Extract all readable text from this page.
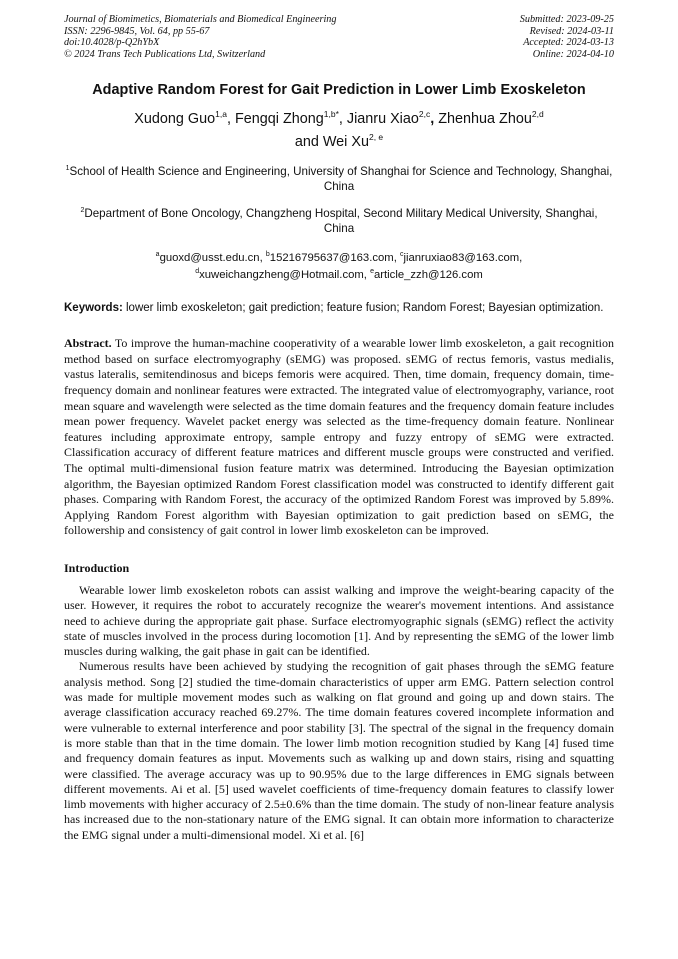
Journal of Biomimetics, Biomaterials and Biomedical Engineering
ISSN: 2296-9845, Vol. 64, pp 55-67
doi:10.4028/p-Q2hYbX
© 2024 Trans Tech Publications Ltd, Switzerland
Submitted: 2023-09-25
Revised: 2024-03-11
Accepted: 2024-03-13
Online: 2024-04-10
Adaptive Random Forest for Gait Prediction in Lower Limb Exoskeleton
Xudong Guo$^{1,a}$, Fengqi Zhong$^{1,b*}$, Jianru Xiao$^{2,c}$, Zhenhua Zhou$^{2,d}$
and Wei Xu$^{2, e}$
$^1$School of Health Science and Engineering, University of Shanghai for Science and Technology, Shanghai, China
$^2$Department of Bone Oncology, Changzheng Hospital, Second Military Medical University, Shanghai, China
$^a$guoxd@usst.edu.cn, $^b$15216795637@163.com, $^c$jianruxiao83@163.com,
$^d$xuweichangzheng@Hotmail.com, $^e$article_zzh@126.com
Keywords: lower limb exoskeleton; gait prediction; feature fusion; Random Forest; Bayesian optimization.
Abstract. To improve the human-machine cooperativity of a wearable lower limb exoskeleton, a gait recognition method based on surface electromyography (sEMG) was proposed. sEMG of rectus femoris, vastus medialis, vastus lateralis, semitendinosus and biceps femoris were acquired. Then, time domain, frequency domain, time-frequency domain and nonlinear features were extracted. The integrated value of electromyography, variance, root mean square and wavelength were selected as the time domain features and the frequency domain feature includes mean power frequency. Wavelet packet energy was selected as the time-frequency domain feature. Nonlinear features including approximate entropy, sample entropy and fuzzy entropy of sEMG were extracted. Classification accuracy of different feature matrices and different muscle groups were constructed and verified. The optimal multi-dimensional fusion feature matrix was determined. Introducing the Bayesian optimization algorithm, the Bayesian optimized Random Forest classification model was constructed to identify different gait phases. Comparing with Random Forest, the accuracy of the optimized Random Forest was improved by 5.89%. Applying Random Forest algorithm with Bayesian optimization to gait prediction based on sEMG, the followership and consistency of gait control in lower limb exoskeleton can be improved.
Introduction
Wearable lower limb exoskeleton robots can assist walking and improve the weight-bearing capacity of the user. However, it requires the robot to accurately recognize the wearer's movement intentions. And assistance need to achieve during the appropriate gait phase. Surface electromyographic signals (sEMG) reflect the activity state of muscles involved in the process during locomotion [1]. And by representing the sEMG of the lower limb muscles during walking, the gait phase in gait can be identified.
Numerous results have been achieved by studying the recognition of gait phases through the sEMG feature analysis method. Song [2] studied the time-domain characteristics of upper arm EMG. Pattern selection control was made for multiple movement modes such as walking on flat ground and going up and down stairs. The average classification accuracy reached 69.27%. The time domain features covered incomplete information and were vulnerable to external interference and poor stability [3]. The spectral of the signal in the frequency domain is more stable than that in the time domain. The lower limb motion recognition studied by Kang [4] fused time and frequency domain features as input. Movements such as walking up and down stairs, rising and squatting were classified. The average accuracy was up to 90.95% due to the large differences in EMG signals between different movements. Ai et al. [5] used wavelet coefficients of time-frequency domain features to classify lower limb movements with higher accuracy of 2.5±0.6% than the time domain. The study of non-linear feature analysis has increased due to the non-stationary nature of the EMG signal. It can obtain more information to characterize the EMG signal under a multi-dimensional model. Xi et al. [6]
